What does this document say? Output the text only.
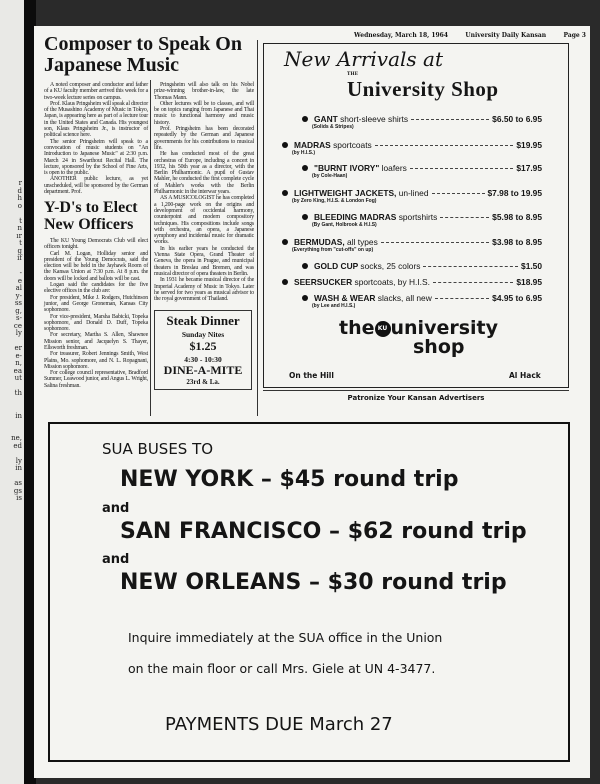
r

d

h

o

t

n

ır

t

g

if

-

e

al

y-

ss

g,

s-

ce

ly

er

e-

n,

ea

ut

th

in

ne,

ed

ly

in

as

gs

is

Wednesday, March 18, 1964	University Daily Kansan	Page 3
Composer to Speak On Japanese Music

A noted composer and conductor and father of a KU faculty member arrived this week for a two-week lecture series on campus.

Prof. Klaus Pringsheim will speak al director of the Musashino Academy of Music in Tokyo, Japan, is appearing here as part of a lecture tour in the United States and Canada. His youngest son, Klaus Pringsheim Jr., is instructor of political science here.

The senior Pringsheim will speak to a convocation of music students on "An Introduction to Japanese Music" at 2:30 p.m. March 24 in Swarthout Recital Hall. The lecture, sponsored by the School of Fine Arts, is open to the public.

ANOTHER public lecture, as yet unscheduled, will be sponsored by the German department. Prof.

Y-D's to Elect New Officers

The KU Young Democrats Club will elect officers tonight.

Carl M. Logan, Holliday senior and president of the Young Democrats, said the election will be held in the Jayhawk Room of the Kansas Union at 7:30 p.m. At 8 p.m. the doors will be locked and ballots will be cast.

Logan said the candidates for the five elective offices in the club are:

For president, Mike J. Rodgers, Hutchinson junior, and George Groneman, Kansas City sophomore.

For vice-president, Marsha Babicki, Topeka sophomore, and Donald D. Duff, Topeka sophomore.

For secretary, Martha S. Allen, Shawnee Mission senior, and Jacquelyn S. Thayer, Ellsworth freshman.

For treasurer, Robert Jennings Smith, West Plains, Mo. sophomore, and N. L. Ropagnani, Mission sophomore.

For college council representative, Bradford Sumner, Leawood junior, and Angus L. Wright, Salina freshman.

Pringsheim will also talk on his Nobel prize-winning brother-in-law, the late Thomas Mann.

Other lectures will be to classes, and will be on topics ranging from Japanese and Thai music to functional harmony and music history.

Prof. Pringsheim has been decorated repeatedly by the German and Japanese governments for his contributions to musical life.

He has conducted most of the great orchestras of Europe, including a concert in 1932, his 50th year as a director, with the Berlin Philharmonic. A pupil of Gustav Mahler, he conducted the first complete cycle of Mahler's works with the Berlin Philharmonic in the interwar years.

AS A MUSICOLOGIST he has completed a 1,200-page work on the origins and development of occidental harmony, counterpoint and modern compository techniques. His compositions include songs with orchestra, an opera, a Japanese symphony and incidental music for dramatic works.

In his earlier years he conducted the Vienna State Opera, Grand Theater of Geneva, the opera in Prague, and municipal theaters in Breslau and Bremen, and was musical director of opera theaters in Berlin.

In 1931 he became musical director of the Imperial Academy of Music in Tokyo. Later he served for two years as musical advisor to the royal government of Thailand.

Steak Dinner
Sunday Nites
$1.25
4:30 - 10:30
DINE-A-MITE
23rd & La.
New Arrivals at
THE
University Shop
GANT short-sleeve shirts	$6.50 to 6.95
(Solids & Stripes)
MADRAS sportcoats	$19.95
(by H.I.S.)
"BURNT IVORY" loafers	$17.95
(by Cole-Haan)
LIGHTWEIGHT JACKETS, un-lined	$7.98 to 19.95
(by Zero King, H.I.S. & London Fog)
BLEEDING MADRAS sportshirts	$5.98 to 8.95
(By Gant, Holbrook & H.I.S)
BERMUDAS, all types	$3.98 to 8.95
(Everything from "cut-offs" on up)
GOLD CUP socks, 25 colors	$1.50
SEERSUCKER sportcoats, by H.I.S.	$18.95
WASH & WEAR slacks, all new	$4.95 to 6.95
(by Lee and H.I.S.)
the KU university
shop
On the Hill	Al Hack
Patronize Your Kansan Advertisers
SUA BUSES TO
NEW YORK – $45 round trip
and
SAN FRANCISCO – $62 round trip
and
NEW ORLEANS – $30 round trip
Inquire immediately at the SUA office in the Union
on the main floor or call Mrs. Giele at UN 4-3477.
PAYMENTS DUE March 27
